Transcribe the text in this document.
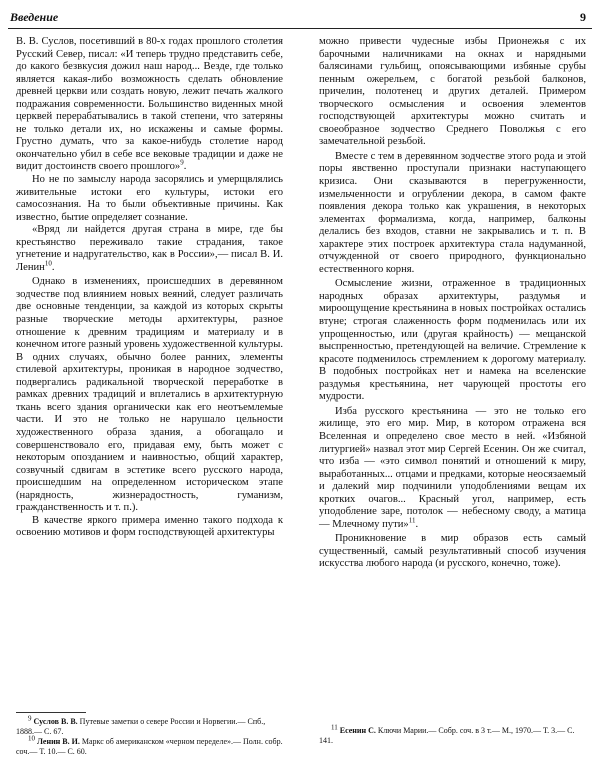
Введение	9

В. В. Суслов, посетивший в 80-х годах прошлого столетия Русский Север, писал: «И теперь трудно представить себе, до какого безвкусия дожил наш народ... Везде, где только является какая-либо возможность сделать обновление древней церкви или создать новую, лежит печать жалкого подражания современности. Большинство виденных мной церквей перерабатывались в такой степени, что затеряны не только детали их, но искажены и самые формы. Грустно думать, что за какое-нибудь столетие народ окончательно убил в себе все вековые традиции и даже не видит достоинств своего прошлого»$^9$.

Но не по замыслу народа засорялись и умерщвлялись живительные истоки его культуры, истоки его самосознания. На то были объективные причины. Как известно, бытие определяет сознание.

«Вряд ли найдется другая страна в мире, где бы крестьянство переживало такие страдания, такое угнетение и надругательство, как в России»,— писал В. И. Ленин$^{10}$.

Однако в изменениях, происшедших в деревянном зодчестве под влиянием новых веяний, следует различать две основные тенденции, за каждой из которых скрыты разные творческие методы архитектуры, разное отношение к древним традициям и материалу и в конечном итоге разный уровень художественной культуры. В одних случаях, обычно более ранних, элементы стилевой архитектуры, проникая в народное зодчество, подвергались радикальной творческой переработке в рамках древних традиций и вплетались в архитектурную ткань всего здания органически как его неотъемлемые части. И это не только не нарушало цельности художественного образа здания, а обогащало и совершенствовало его, придавая ему, быть может с некоторым опозданием и наивностью, общий характер, созвучный сдвигам в эстетике всего русского народа, происшедшим на определенном историческом этапе (нарядность, жизнерадостность, гуманизм, гражданственность и т. п.).

В качестве яркого примера именно такого подхода к освоению мотивов и форм господствующей архитектуры

можно привести чудесные избы Прионежья с их барочными наличниками на окнах и нарядными балясинами гульбищ, опоясывающими избяные срубы пенным ожерельем, с богатой резьбой балконов, причелин, полотенец и других деталей. Примером творческого осмысления и освоения элементов господствующей архитектуры можно считать и своеобразное зодчество Среднего Поволжья с его замечательной резьбой.

Вместе с тем в деревянном зодчестве этого рода и этой поры явственно проступали признаки наступающего кризиса. Они сказываются в перегруженности, измельченности и огрублении декора, в самом факте появления декора только как украшения, в некоторых элементах формализма, когда, например, балконы делались без входов, ставни не закрывались и т. п. В характере этих построек архитектура стала надуманной, отчужденной от своего природного, функционально естественного корня.

Осмысление жизни, отраженное в традиционных народных образах архитектуры, раздумья и мироощущение крестьянина в новых постройках остались втуне; строгая слаженность форм подменилась или их упрощенностью, или (другая крайность) — мещанской выспренностью, претендующей на величие. Стремление к красоте подменилось стремлением к дорогому материалу. В подобных постройках нет и намека на вселенские раздумья крестьянина, нет чарующей простоты его мудрости.

Изба русского крестьянина — это не только его жилище, это его мир. Мир, в котором отражена вся Вселенная и определено свое место в ней. «Избяной литургией» назвал этот мир Сергей Есенин. Он же считал, что изба — «это символ понятий и отношений к миру, выработанных... отцами и предками, которые неосязаемый и далекий мир подчинили уподоблениями вещам их кротких очагов... Красный угол, например, есть уподобление заре, потолок — небесному своду, а матица — Млечному пути»$^{11}$.

Проникновение в мир образов есть самый существенный, самый результативный способ изучения искусства любого народа (и русского, конечно, тоже).

$^9$ Суслов В. В. Путевые заметки о севере России и Норвегии.— Спб., 1888.— С. 67.

$^{10}$ Ленин В. И. Маркс об американском «черном переделе».— Полн. собр. соч.— Т. 10.— С. 60.

$^{11}$ Есенин С. Ключи Марии.— Собр. соч. в 3 т.— М., 1970.— Т. 3.— С. 141.
